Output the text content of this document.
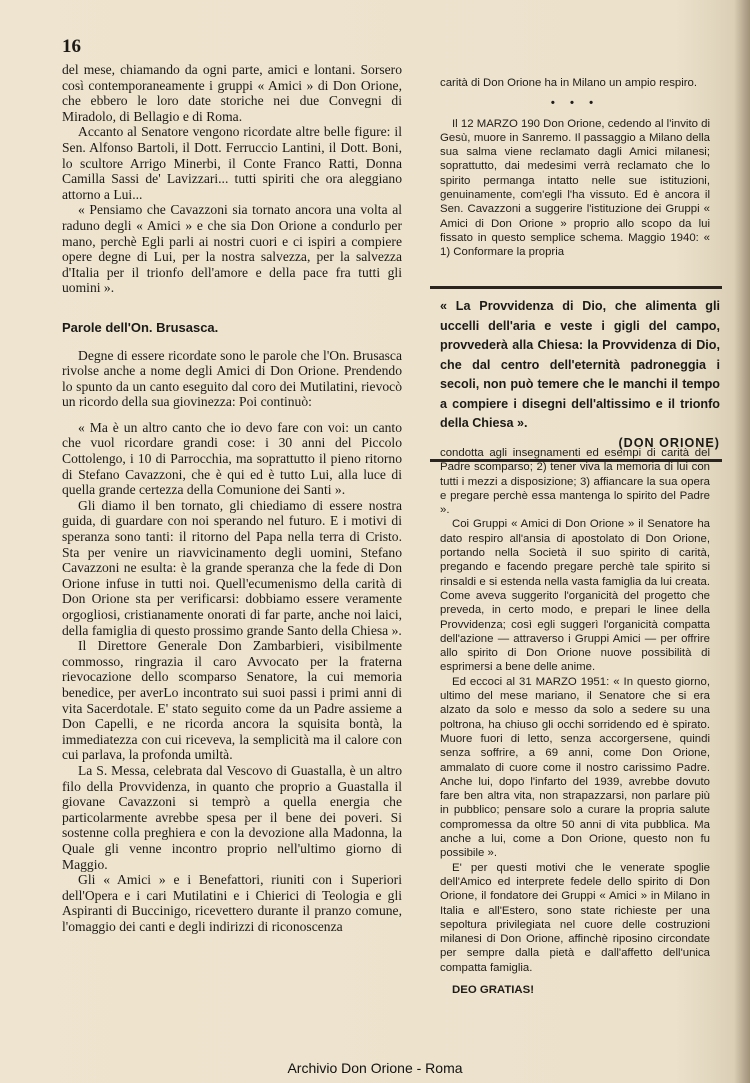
16

del mese, chiamando da ogni parte, amici e lontani. Sorsero così contemporaneamente i gruppi « Amici » di Don Orione, che ebbero le loro date storiche nei due Convegni di Miradolo, di Bellagio e di Roma.

Accanto al Senatore vengono ricordate altre belle figure: il Sen. Alfonso Bartoli, il Dott. Ferruccio Lantini, il Dott. Boni, lo scultore Arrigo Minerbi, il Conte Franco Ratti, Donna Camilla Sassi de' Lavizzari... tutti spiriti che ora aleggiano attorno a Lui...

« Pensiamo che Cavazzoni sia tornato ancora una volta al raduno degli « Amici » e che sia Don Orione a condurlo per mano, perchè Egli parli ai nostri cuori e ci ispiri a compiere opere degne di Lui, per la nostra salvezza, per la salvezza d'Italia per il trionfo dell'amore e della pace fra tutti gli uomini ».

Parole dell'On. Brusasca.

Degne di essere ricordate sono le parole che l'On. Brusasca rivolse anche a nome degli Amici di Don Orione. Prendendo lo spunto da un canto eseguito dal coro dei Mutilatini, rievocò un ricordo della sua giovinezza: Poi continuò:

« Ma è un altro canto che io devo fare con voi: un canto che vuol ricordare grandi cose: i 30 anni del Piccolo Cottolengo, i 10 di Parrocchia, ma soprattutto il pieno ritorno di Stefano Cavazzoni, che è qui ed è tutto Lui, alla luce di quella grande certezza della Comunione dei Santi ».

Gli diamo il ben tornato, gli chiediamo di essere nostra guida, di guardare con noi sperando nel futuro. E i motivi di speranza sono tanti: il ritorno del Papa nella terra di Cristo. Sta per venire un riavvicinamento degli uomini, Stefano Cavazzoni ne esulta: è la grande speranza che la fede di Don Orione infuse in tutti noi. Quell'ecumenismo della carità di Don Orione sta per verificarsi: dobbiamo essere veramente orgogliosi, cristianamente onorati di far parte, anche noi laici, della famiglia di questo prossimo grande Santo della Chiesa ».

Il Direttore Generale Don Zambarbieri, visibilmente commosso, ringrazia il caro Avvocato per la fraterna rievocazione dello scomparso Senatore, la cui memoria benedice, per averLo incontrato sui suoi passi i primi anni di vita Sacerdotale. E' stato seguito come da un Padre assieme a Don Capelli, e ne ricorda ancora la squisita bontà, la immediatezza con cui riceveva, la semplicità ma il calore con cui parlava, la profonda umiltà.

La S. Messa, celebrata dal Vescovo di Guastalla, è un altro filo della Provvidenza, in quanto che proprio a Guastalla il giovane Cavazzoni si temprò a quella energia che particolarmente avrebbe spesa per il bene dei poveri. Si sostenne colla preghiera e con la devozione alla Madonna, la Quale gli venne incontro proprio nell'ultimo giorno di Maggio.

Gli « Amici » e i Benefattori, riuniti con i Superiori dell'Opera e i cari Mutilatini e i Chierici di Teologia e gli Aspiranti di Buccinigo, ricevettero durante il pranzo comune, l'omaggio dei canti e degli indirizzi di riconoscenza

carità di Don Orione ha in Milano un ampio respiro.

• • •

Il 12 MARZO 190 Don Orione, cedendo al l'invito di Gesù, muore in Sanremo. Il passaggio a Milano della sua salma viene reclamato dagli Amici milanesi; soprattutto, dai medesimi verrà reclamato che lo spirito permanga intatto nelle sue istituzioni, genuinamente, com'egli l'ha vissuto. Ed è ancora il Sen. Cavazzoni a suggerire l'istituzione dei Gruppi « Amici di Don Orione » proprio allo scopo da lui fissato in questo semplice schema. Maggio 1940: « 1) Conformare la propria

« La Provvidenza di Dio, che alimenta gli uccelli dell'aria e veste i gigli del campo, provvederà alla Chiesa: la Provvidenza di Dio, che dal centro dell'eternità padroneggia i secoli, non può temere che le manchi il tempo a compiere i disegni dell'altissimo e il trionfo della Chiesa ».
(DON ORIONE)

condotta agli insegnamenti ed esempi di carità del Padre scomparso; 2) tener viva la memoria di lui con tutti i mezzi a disposizione; 3) affiancare la sua opera e pregare perchè essa mantenga lo spirito del Padre ».

Coi Gruppi « Amici di Don Orione » il Senatore ha dato respiro all'ansia di apostolato di Don Orione, portando nella Società il suo spirito di carità, pregando e facendo pregare perchè tale spirito si rinsaldi e si estenda nella vasta famiglia da lui creata. Come aveva suggerito l'organicità del progetto che preveda, in certo modo, e prepari le linee della Provvidenza; così egli suggerì l'organicità compatta dell'azione — attraverso i Gruppi Amici — per offrire allo spirito di Don Orione nuove possibilità di esprimersi a bene delle anime.

Ed eccoci al 31 MARZO 1951: « In questo giorno, ultimo del mese mariano, il Senatore che si era alzato da solo e messo da solo a sedere su una poltrona, ha chiuso gli occhi sorridendo ed è spirato. Muore fuori di letto, senza accorgersene, quindi senza soffrire, a 69 anni, come Don Orione, ammalato di cuore come il nostro carissimo Padre. Anche lui, dopo l'infarto del 1939, avrebbe dovuto fare ben altra vita, non strapazzarsi, non parlare più in pubblico; pensare solo a curare la propria salute compromessa da oltre 50 anni di vita pubblica. Ma anche a lui, come a Don Orione, questo non fu possibile ».

E' per questi motivi che le venerate spoglie dell'Amico ed interprete fedele dello spirito di Don Orione, il fondatore dei Gruppi « Amici » in Milano in Italia e all'Estero, sono state richieste per una sepoltura privilegiata nel cuore delle costruzioni milanesi di Don Orione, affinchè riposino circondate per sempre dalla pietà e dall'affetto dell'unica compatta famiglia.

DEO GRATIAS!

Archivio Don Orione - Roma
